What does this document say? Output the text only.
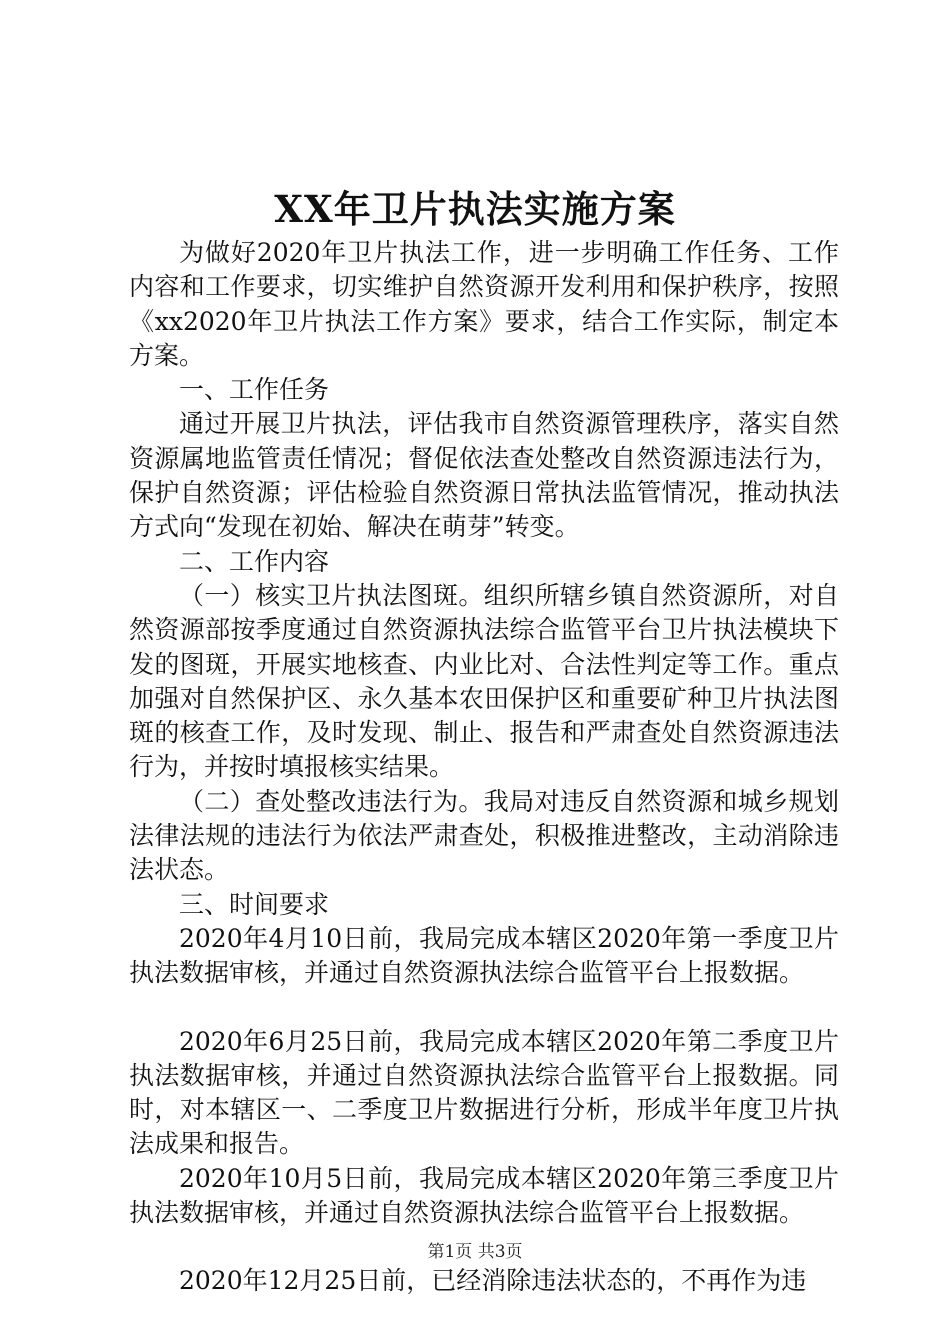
XX年卫片执法实施方案

为做好2020年卫片执法工作，进一步明确工作任务、工作内容和工作要求，切实维护自然资源开发利用和保护秩序，按照《xx2020年卫片执法工作方案》要求，结合工作实际，制定本方案。

一、工作任务

通过开展卫片执法，评估我市自然资源管理秩序，落实自然资源属地监管责任情况；督促依法查处整改自然资源违法行为，保护自然资源；评估检验自然资源日常执法监管情况，推动执法方式向“发现在初始、解决在萌芽”转变。

二、工作内容

（一）核实卫片执法图斑。组织所辖乡镇自然资源所，对自然资源部按季度通过自然资源执法综合监管平台卫片执法模块下发的图斑，开展实地核查、内业比对、合法性判定等工作。重点加强对自然保护区、永久基本农田保护区和重要矿种卫片执法图斑的核查工作，及时发现、制止、报告和严肃查处自然资源违法行为，并按时填报核实结果。

（二）查处整改违法行为。我局对违反自然资源和城乡规划法律法规的违法行为依法严肃查处，积极推进整改，主动消除违法状态。

三、时间要求

2020年4月10日前，我局完成本辖区2020年第一季度卫片执法数据审核，并通过自然资源执法综合监管平台上报数据。

2020年6月25日前，我局完成本辖区2020年第二季度卫片执法数据审核，并通过自然资源执法综合监管平台上报数据。同时，对本辖区一、二季度卫片数据进行分析，形成半年度卫片执法成果和报告。

2020年10月5日前，我局完成本辖区2020年第三季度卫片执法数据审核，并通过自然资源执法综合监管平台上报数据。

2020年12月25日前，已经消除违法状态的，不再作为违

第1页 共3页
